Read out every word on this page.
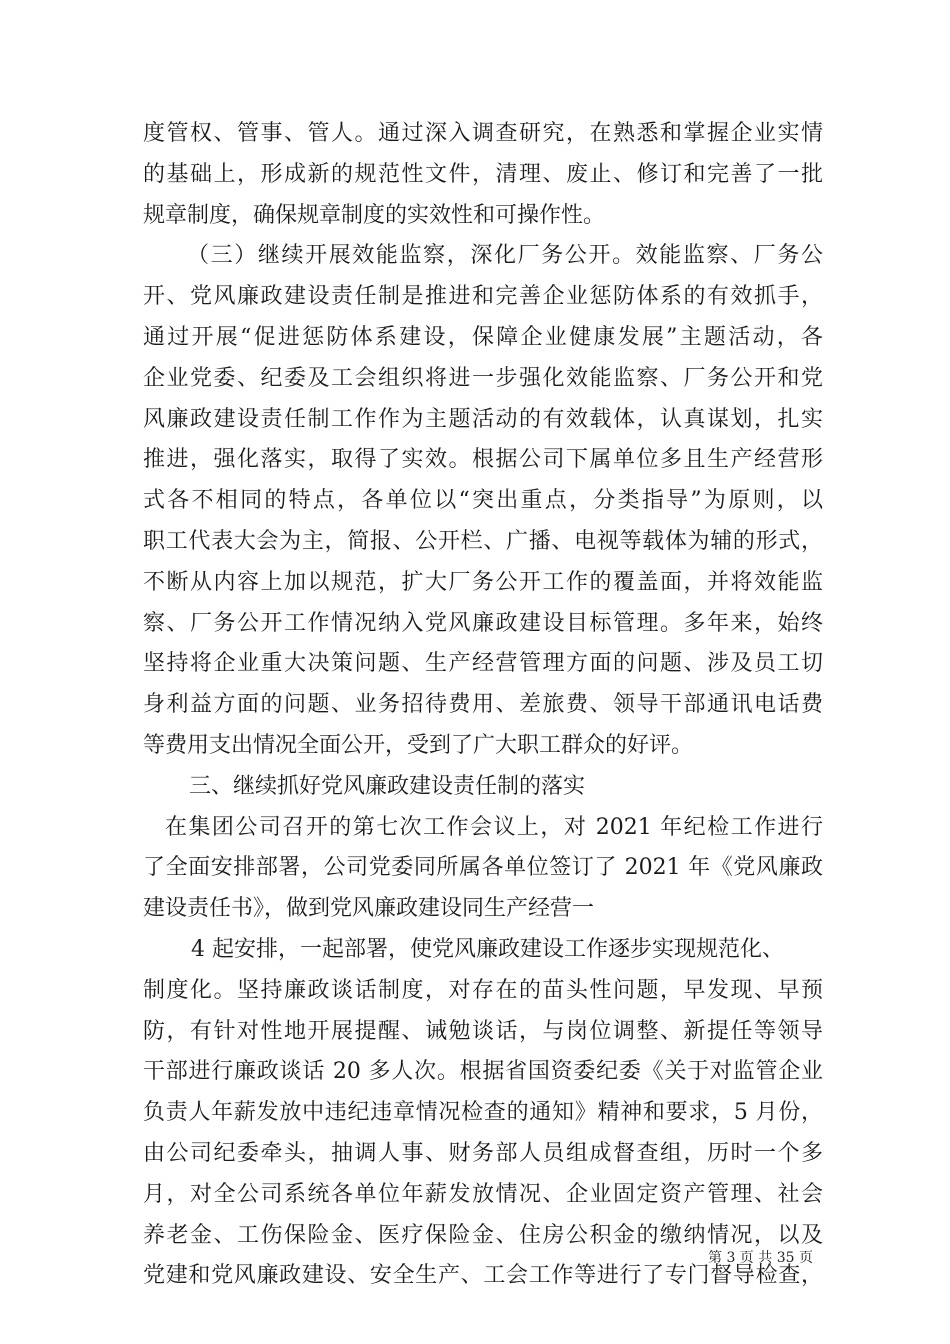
度管权、管事、管人。通过深入调查研究，在熟悉和掌握企业实情
的基础上，形成新的规范性文件，清理、废止、修订和完善了一批
规章制度，确保规章制度的实效性和可操作性。
（三）继续开展效能监察，深化厂务公开。效能监察、厂务公
开、党风廉政建设责任制是推进和完善企业惩防体系的有效抓手，
通过开展“促进惩防体系建设，保障企业健康发展”主题活动，各
企业党委、纪委及工会组织将进一步强化效能监察、厂务公开和党
风廉政建设责任制工作作为主题活动的有效载体，认真谋划，扎实
推进，强化落实，取得了实效。根据公司下属单位多且生产经营形
式各不相同的特点，各单位以“突出重点，分类指导”为原则，以
职工代表大会为主，简报、公开栏、广播、电视等载体为辅的形式，
不断从内容上加以规范，扩大厂务公开工作的覆盖面，并将效能监
察、厂务公开工作情况纳入党风廉政建设目标管理。多年来，始终
坚持将企业重大决策问题、生产经营管理方面的问题、涉及员工切
身利益方面的问题、业务招待费用、差旅费、领导干部通讯电话费
等费用支出情况全面公开，受到了广大职工群众的好评。
三、继续抓好党风廉政建设责任制的落实
在集团公司召开的第七次工作会议上，对 2021 年纪检工作进行
了全面安排部署，公司党委同所属各单位签订了 2021 年《党风廉政
建设责任书》，做到党风廉政建设同生产经营一
4 起安排，一起部署，使党风廉政建设工作逐步实现规范化、
制度化。坚持廉政谈话制度，对存在的苗头性问题，早发现、早预
防，有针对性地开展提醒、诫勉谈话，与岗位调整、新提任等领导
干部进行廉政谈话 20 多人次。根据省国资委纪委《关于对监管企业
负责人年薪发放中违纪违章情况检查的通知》精神和要求，5 月份，
由公司纪委牵头，抽调人事、财务部人员组成督查组，历时一个多
月，对全公司系统各单位年薪发放情况、企业固定资产管理、社会
养老金、工伤保险金、医疗保险金、住房公积金的缴纳情况，以及
党建和党风廉政建设、安全生产、工会工作等进行了专门督导检查，
第 3 页 共 35 页
